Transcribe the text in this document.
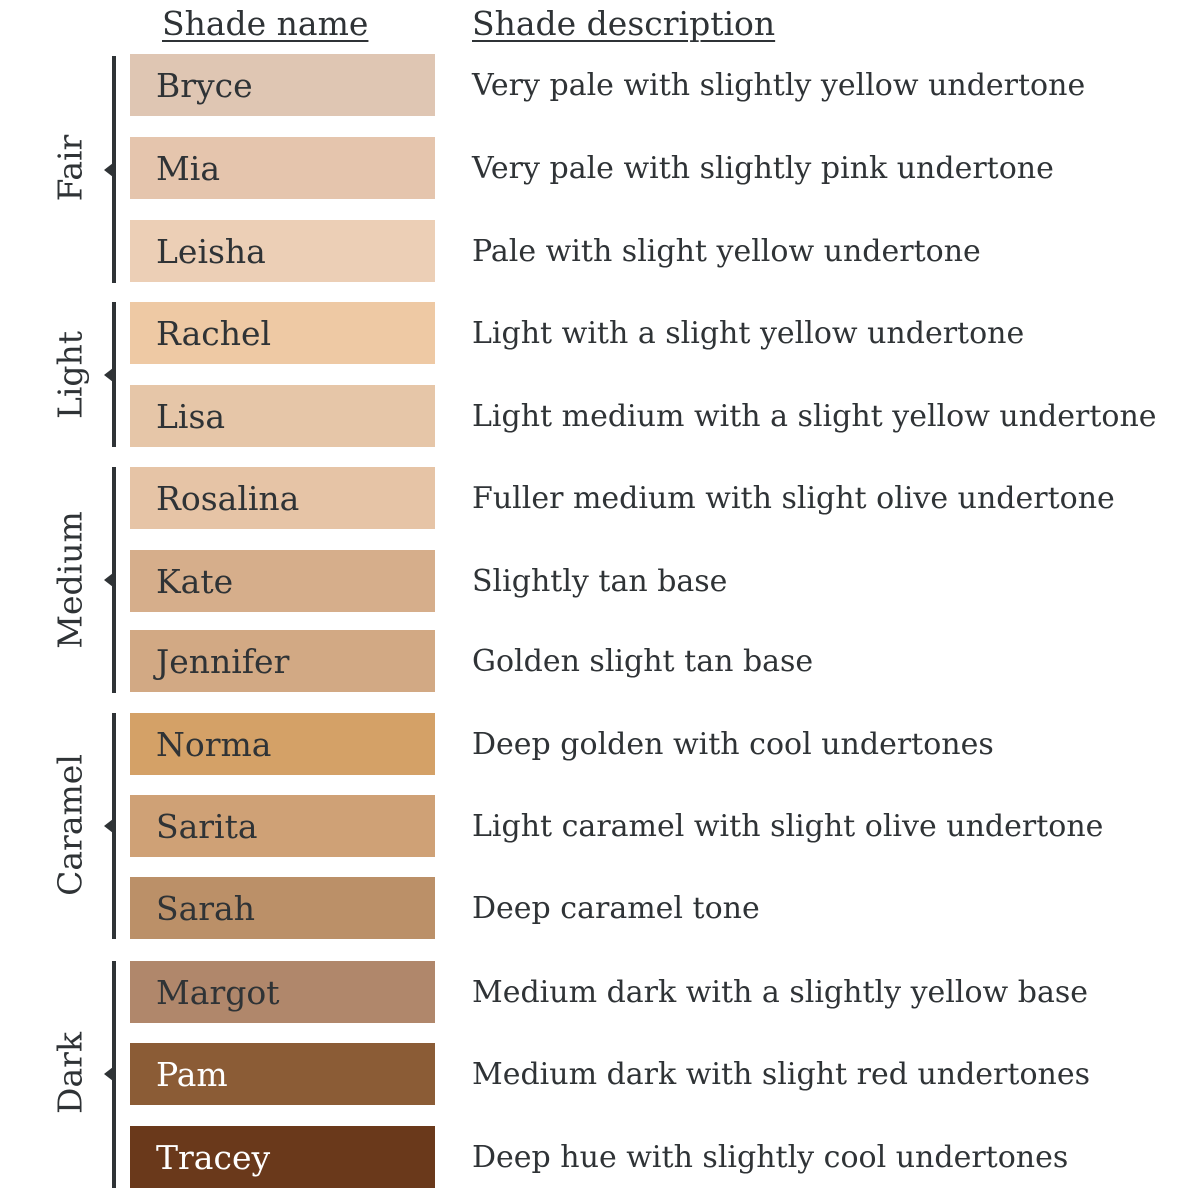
Shade name	Shade description
Fair
Light
Medium
Caramel
Dark
Bryce
Mia
Leisha
Rachel
Lisa
Rosalina
Kate
Jennifer
Norma
Sarita
Sarah
Margot
Pam
Tracey
Very pale with slightly yellow undertone
Very pale with slightly pink undertone
Pale with slight yellow undertone
Light with a slight yellow undertone
Light medium with a slight yellow undertone
Fuller medium with slight olive undertone
Slightly tan base
Golden slight tan base
Deep golden with cool undertones
Light caramel with slight olive undertone
Deep caramel tone
Medium dark with a slightly yellow base
Medium dark with slight red undertones
Deep hue with slightly cool undertones
